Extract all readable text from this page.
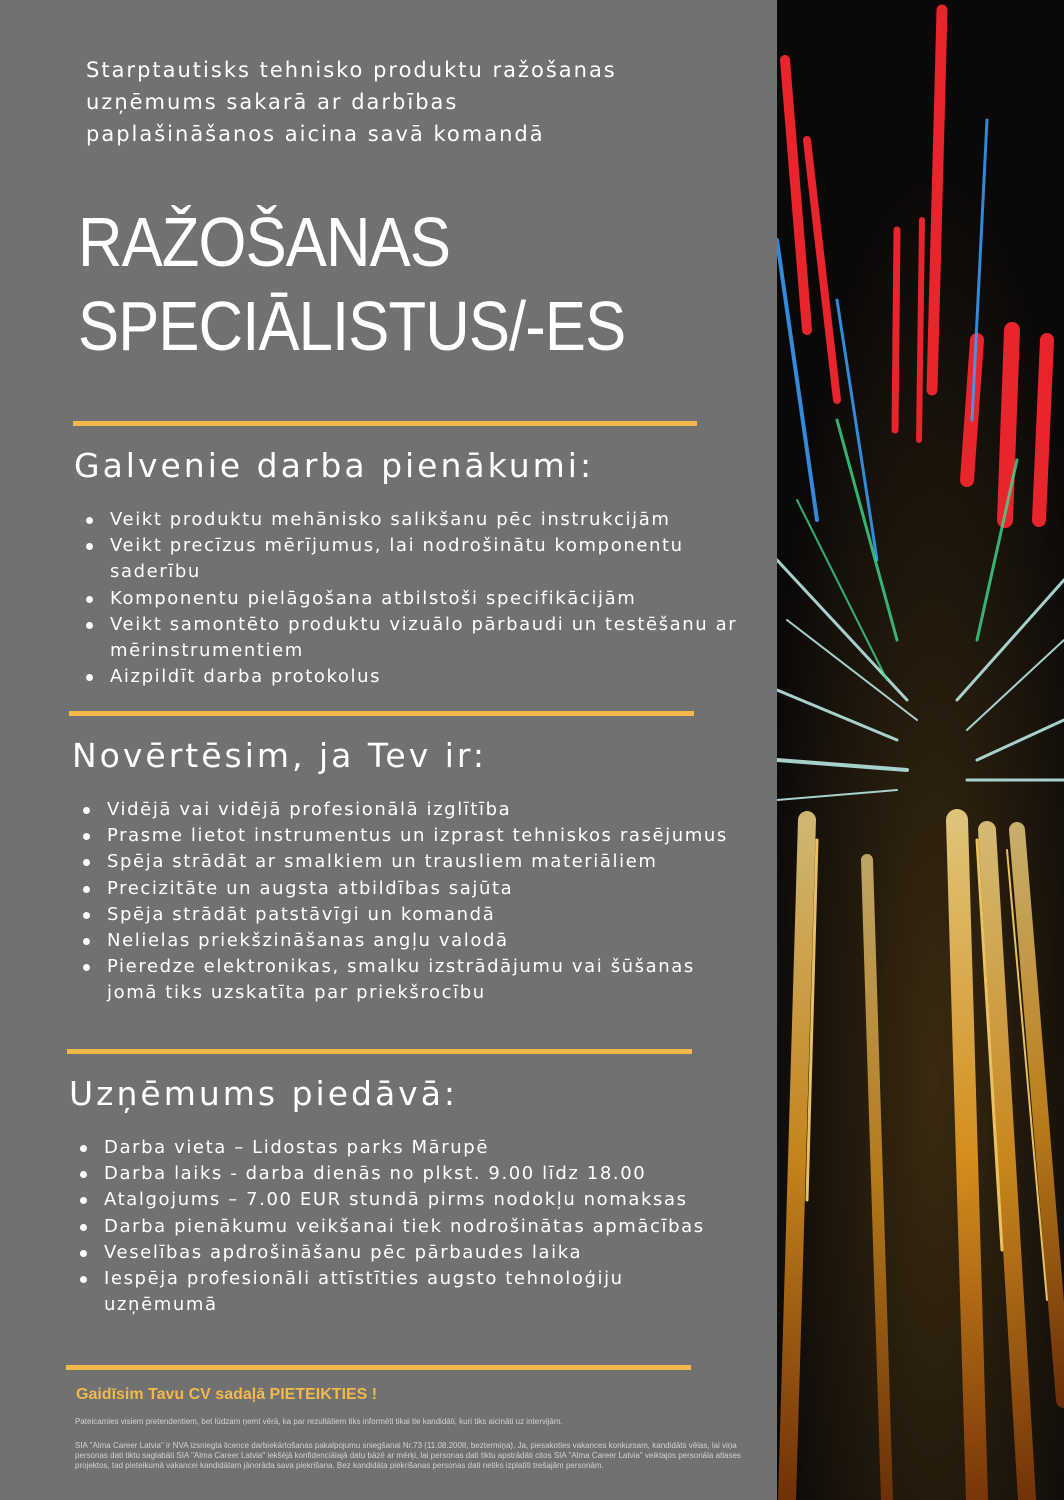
Starptautisks tehnisko produktu ražošanas
uzņēmums sakarā ar darbības
paplašināšanos aicina savā komandā
RAŽOŠANAS
SPECIĀLISTUS/-ES
Galvenie darba pienākumi:
Veikt produktu mehānisko salikšanu pēc instrukcijām
Veikt precīzus mērījumus, lai nodrošinātu komponentu saderību
Komponentu pielāgošana atbilstoši specifikācijām
Veikt samontēto produktu vizuālo pārbaudi un testēšanu ar mērinstrumentiem
Aizpildīt darba protokolus
Novērtēsim, ja Tev ir:
Vidējā vai vidējā profesionālā izglītība
Prasme lietot instrumentus un izprast tehniskos rasējumus
Spēja strādāt ar smalkiem un trausliem materiāliem
Precizitāte un augsta atbildības sajūta
Spēja strādāt patstāvīgi un komandā
Nelielas priekšzināšanas angļu valodā
Pieredze elektronikas, smalku izstrādājumu vai šūšanas jomā tiks uzskatīta par priekšrocību
Uzņēmums piedāvā:
Darba vieta – Lidostas parks Mārupē
Darba laiks - darba dienās no plkst. 9.00 līdz 18.00
Atalgojums – 7.00 EUR stundā pirms nodokļu nomaksas
Darba pienākumu veikšanai tiek nodrošinātas apmācības
Veselības apdrošināšanu pēc pārbaudes laika
Iespēja profesionāli attīstīties augsto tehnoloģiju uzņēmumā
Gaidīsim Tavu CV sadaļā PIETEIKTIES !
Pateicamies visiem pretendentiem, bet lūdzam ņemt vērā, ka par rezultātiem tiks informēti tikai tie kandidāti, kuri tiks aicināti uz intervijām.
SIA "Alma Career Latvia" ir NVA izsniegta licence darbiekārtošanas pakalpojumu sniegšanai Nr.73 (11.08.2008, beztermiņa). Ja, piesakoties vakances konkursam, kandidāts vēlas, lai viņa personas dati tiktu saglabāti SIA "Alma Career Latvia" iekšējā konfidenciālajā datu bāzē ar mērķi, lai personas dati tiktu apstrādāti citos SIA "Alma Career Latvia" veiktajos personāla atlases projektos, tad pieteikumā vakancei kandidātam jānorāda sava piekrišana. Bez kandidāta piekrišanas personas dati netiks izplatīti trešajām personām.
